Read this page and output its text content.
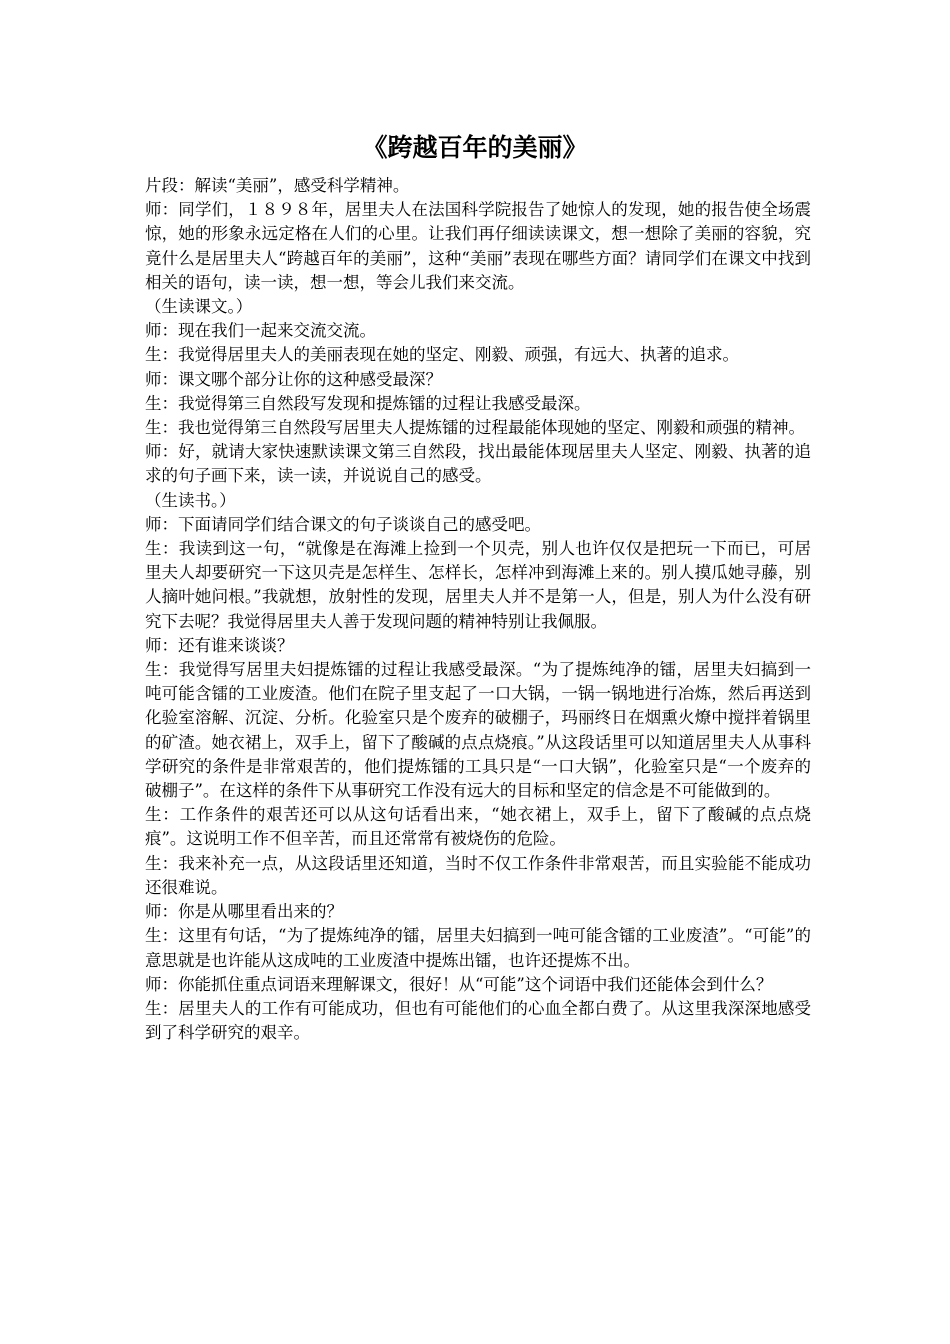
《跨越百年的美丽》

片段：解读“美丽”，感受科学精神。

师：同学们，１８９８年，居里夫人在法国科学院报告了她惊人的发现，她的报告使全场震惊，她的形象永远定格在人们的心里。让我们再仔细读读课文，想一想除了美丽的容貌，究竟什么是居里夫人“跨越百年的美丽”，这种“美丽”表现在哪些方面？请同学们在课文中找到相关的语句，读一读，想一想，等会儿我们来交流。

（生读课文。）

师：现在我们一起来交流交流。

生：我觉得居里夫人的美丽表现在她的坚定、刚毅、顽强，有远大、执著的追求。

师：课文哪个部分让你的这种感受最深？

生：我觉得第三自然段写发现和提炼镭的过程让我感受最深。

生：我也觉得第三自然段写居里夫人提炼镭的过程最能体现她的坚定、刚毅和顽强的精神。

师：好，就请大家快速默读课文第三自然段，找出最能体现居里夫人坚定、刚毅、执著的追求的句子画下来，读一读，并说说自己的感受。

（生读书。）

师：下面请同学们结合课文的句子谈谈自己的感受吧。

生：我读到这一句，“就像是在海滩上捡到一个贝壳，别人也许仅仅是把玩一下而已，可居里夫人却要研究一下这贝壳是怎样生、怎样长，怎样冲到海滩上来的。别人摸瓜她寻藤，别人摘叶她问根。”我就想，放射性的发现，居里夫人并不是第一人，但是，别人为什么没有研究下去呢？我觉得居里夫人善于发现问题的精神特别让我佩服。

师：还有谁来谈谈？

生：我觉得写居里夫妇提炼镭的过程让我感受最深。“为了提炼纯净的镭，居里夫妇搞到一吨可能含镭的工业废渣。他们在院子里支起了一口大锅，一锅一锅地进行冶炼，然后再送到化验室溶解、沉淀、分析。化验室只是个废弃的破棚子，玛丽终日在烟熏火燎中搅拌着锅里的矿渣。她衣裙上，双手上，留下了酸碱的点点烧痕。”从这段话里可以知道居里夫人从事科学研究的条件是非常艰苦的，他们提炼镭的工具只是“一口大锅”，化验室只是“一个废弃的破棚子”。在这样的条件下从事研究工作没有远大的目标和坚定的信念是不可能做到的。

生：工作条件的艰苦还可以从这句话看出来，“她衣裙上，双手上，留下了酸碱的点点烧痕”。这说明工作不但辛苦，而且还常常有被烧伤的危险。

生：我来补充一点，从这段话里还知道，当时不仅工作条件非常艰苦，而且实验能不能成功还很难说。

师：你是从哪里看出来的？

生：这里有句话，“为了提炼纯净的镭，居里夫妇搞到一吨可能含镭的工业废渣”。“可能”的意思就是也许能从这成吨的工业废渣中提炼出镭，也许还提炼不出。

师：你能抓住重点词语来理解课文，很好！从“可能”这个词语中我们还能体会到什么？

生：居里夫人的工作有可能成功，但也有可能他们的心血全都白费了。从这里我深深地感受到了科学研究的艰辛。
